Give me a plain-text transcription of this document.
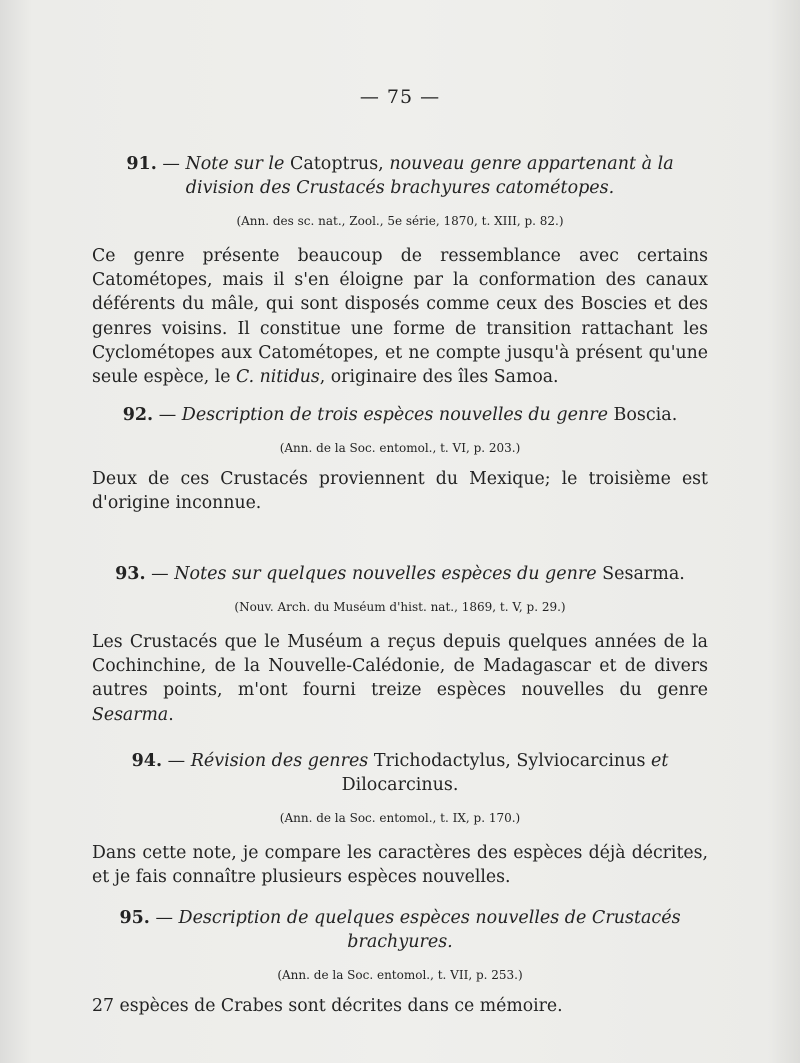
— 75 —
91. — Note sur le Catoptrus, nouveau genre appartenant à la division des Crustacés brachyures catométopes.
(Ann. des sc. nat., Zool., 5e série, 1870, t. XIII, p. 82.)
Ce genre présente beaucoup de ressemblance avec certains Catométopes, mais il s'en éloigne par la conformation des canaux déférents du mâle, qui sont disposés comme ceux des Boscies et des genres voisins. Il constitue une forme de transition rattachant les Cyclométopes aux Catométopes, et ne compte jusqu'à présent qu'une seule espèce, le C. nitidus, originaire des îles Samoa.
92. — Description de trois espèces nouvelles du genre Boscia.
(Ann. de la Soc. entomol., t. VI, p. 203.)
Deux de ces Crustacés proviennent du Mexique; le troisième est d'origine inconnue.
93. — Notes sur quelques nouvelles espèces du genre Sesarma.
(Nouv. Arch. du Muséum d'hist. nat., 1869, t. V, p. 29.)
Les Crustacés que le Muséum a reçus depuis quelques années de la Cochinchine, de la Nouvelle-Calédonie, de Madagascar et de divers autres points, m'ont fourni treize espèces nouvelles du genre Sesarma.
94. — Révision des genres Trichodactylus, Sylviocarcinus et Dilocarcinus.
(Ann. de la Soc. entomol., t. IX, p. 170.)
Dans cette note, je compare les caractères des espèces déjà décrites, et je fais connaître plusieurs espèces nouvelles.
95. — Description de quelques espèces nouvelles de Crustacés brachyures.
(Ann. de la Soc. entomol., t. VII, p. 253.)
27 espèces de Crabes sont décrites dans ce mémoire.
